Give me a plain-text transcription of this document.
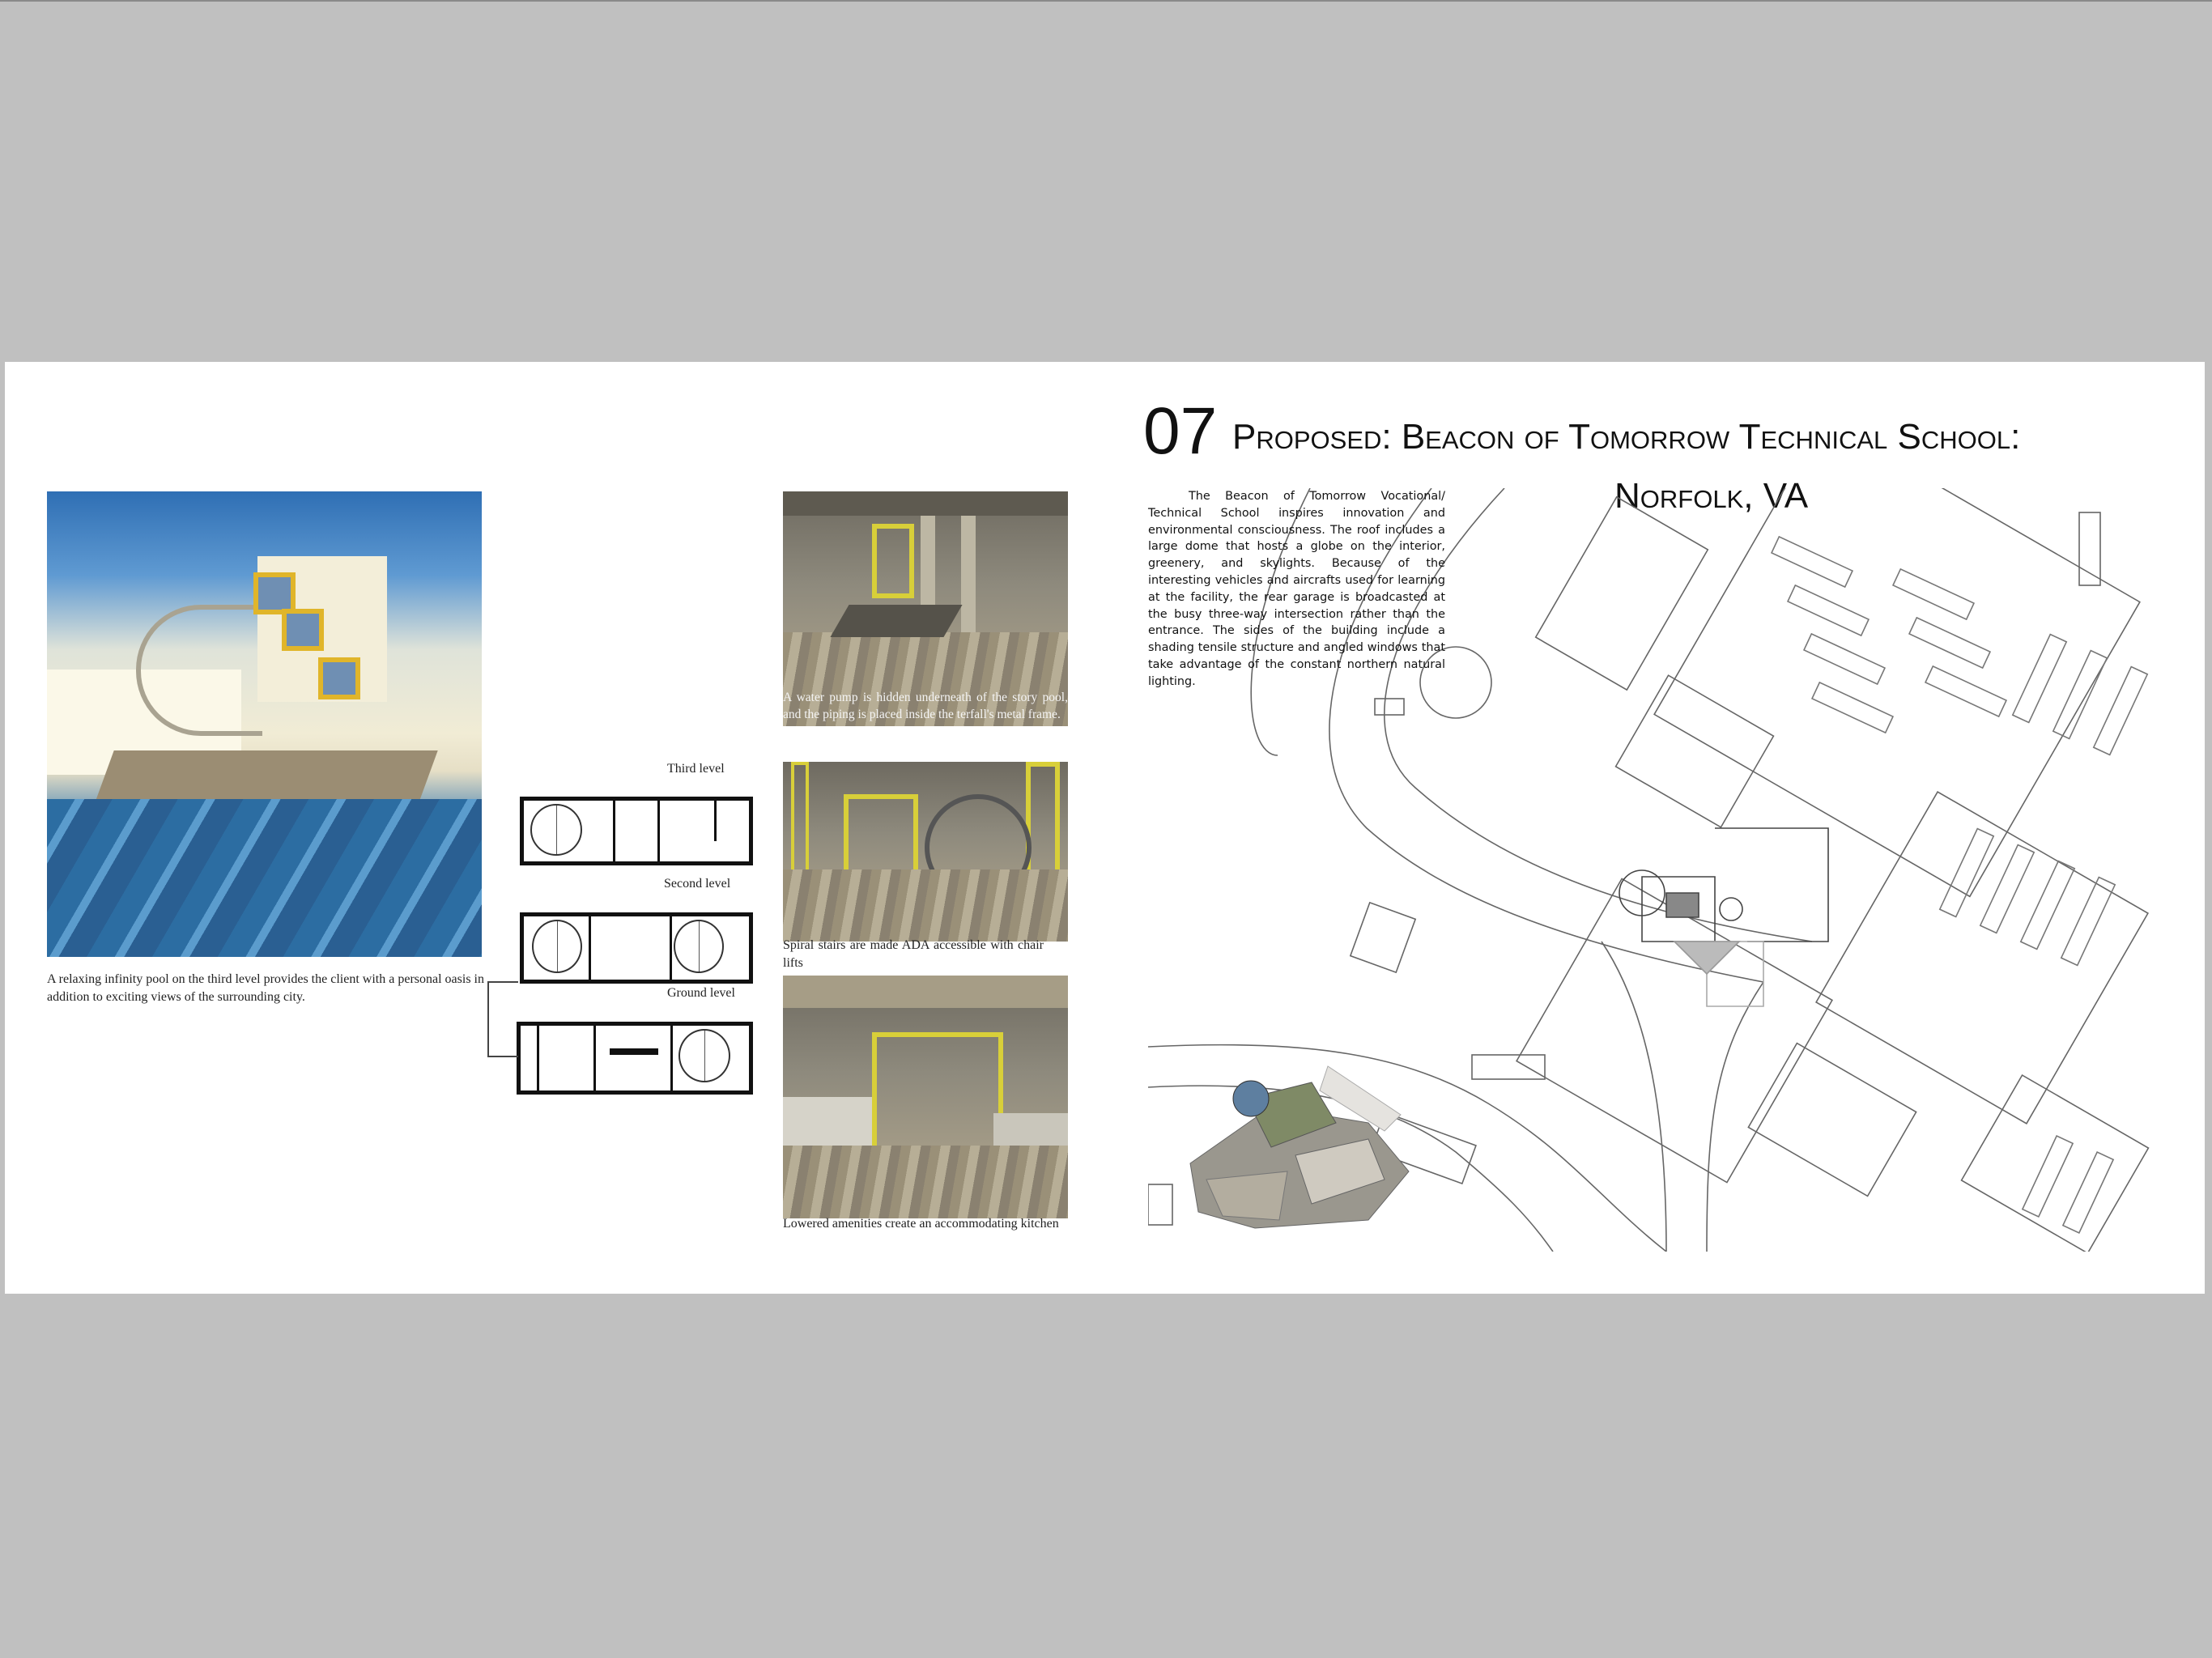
A relaxing infinity pool on the third level provides the client with a personal oasis in addition to exciting views of the surrounding city.
Third level
Second level
Ground level
A water pump is hidden underneath of the story pool, and the piping is placed inside the terfall's metal frame.
Spiral stairs are made ADA accessible with chair lifts
Lowered amenities create an accommodating kitchen
07 Proposed: Beacon of Tomorrow Technical School:
Norfolk, VA
The Beacon of Tomorrow Vocational/ Technical School inspires innovation and environmental consciousness. The roof includes a large dome that hosts a globe on the interior, greenery, and skylights. Because of the interesting vehicles and aircrafts used for learning at the facility, the rear garage is broadcasted at the busy three-way intersection rather than the entrance. The sides of the building include a shading tensile structure and angled windows that take advantage of the constant northern natural lighting.
